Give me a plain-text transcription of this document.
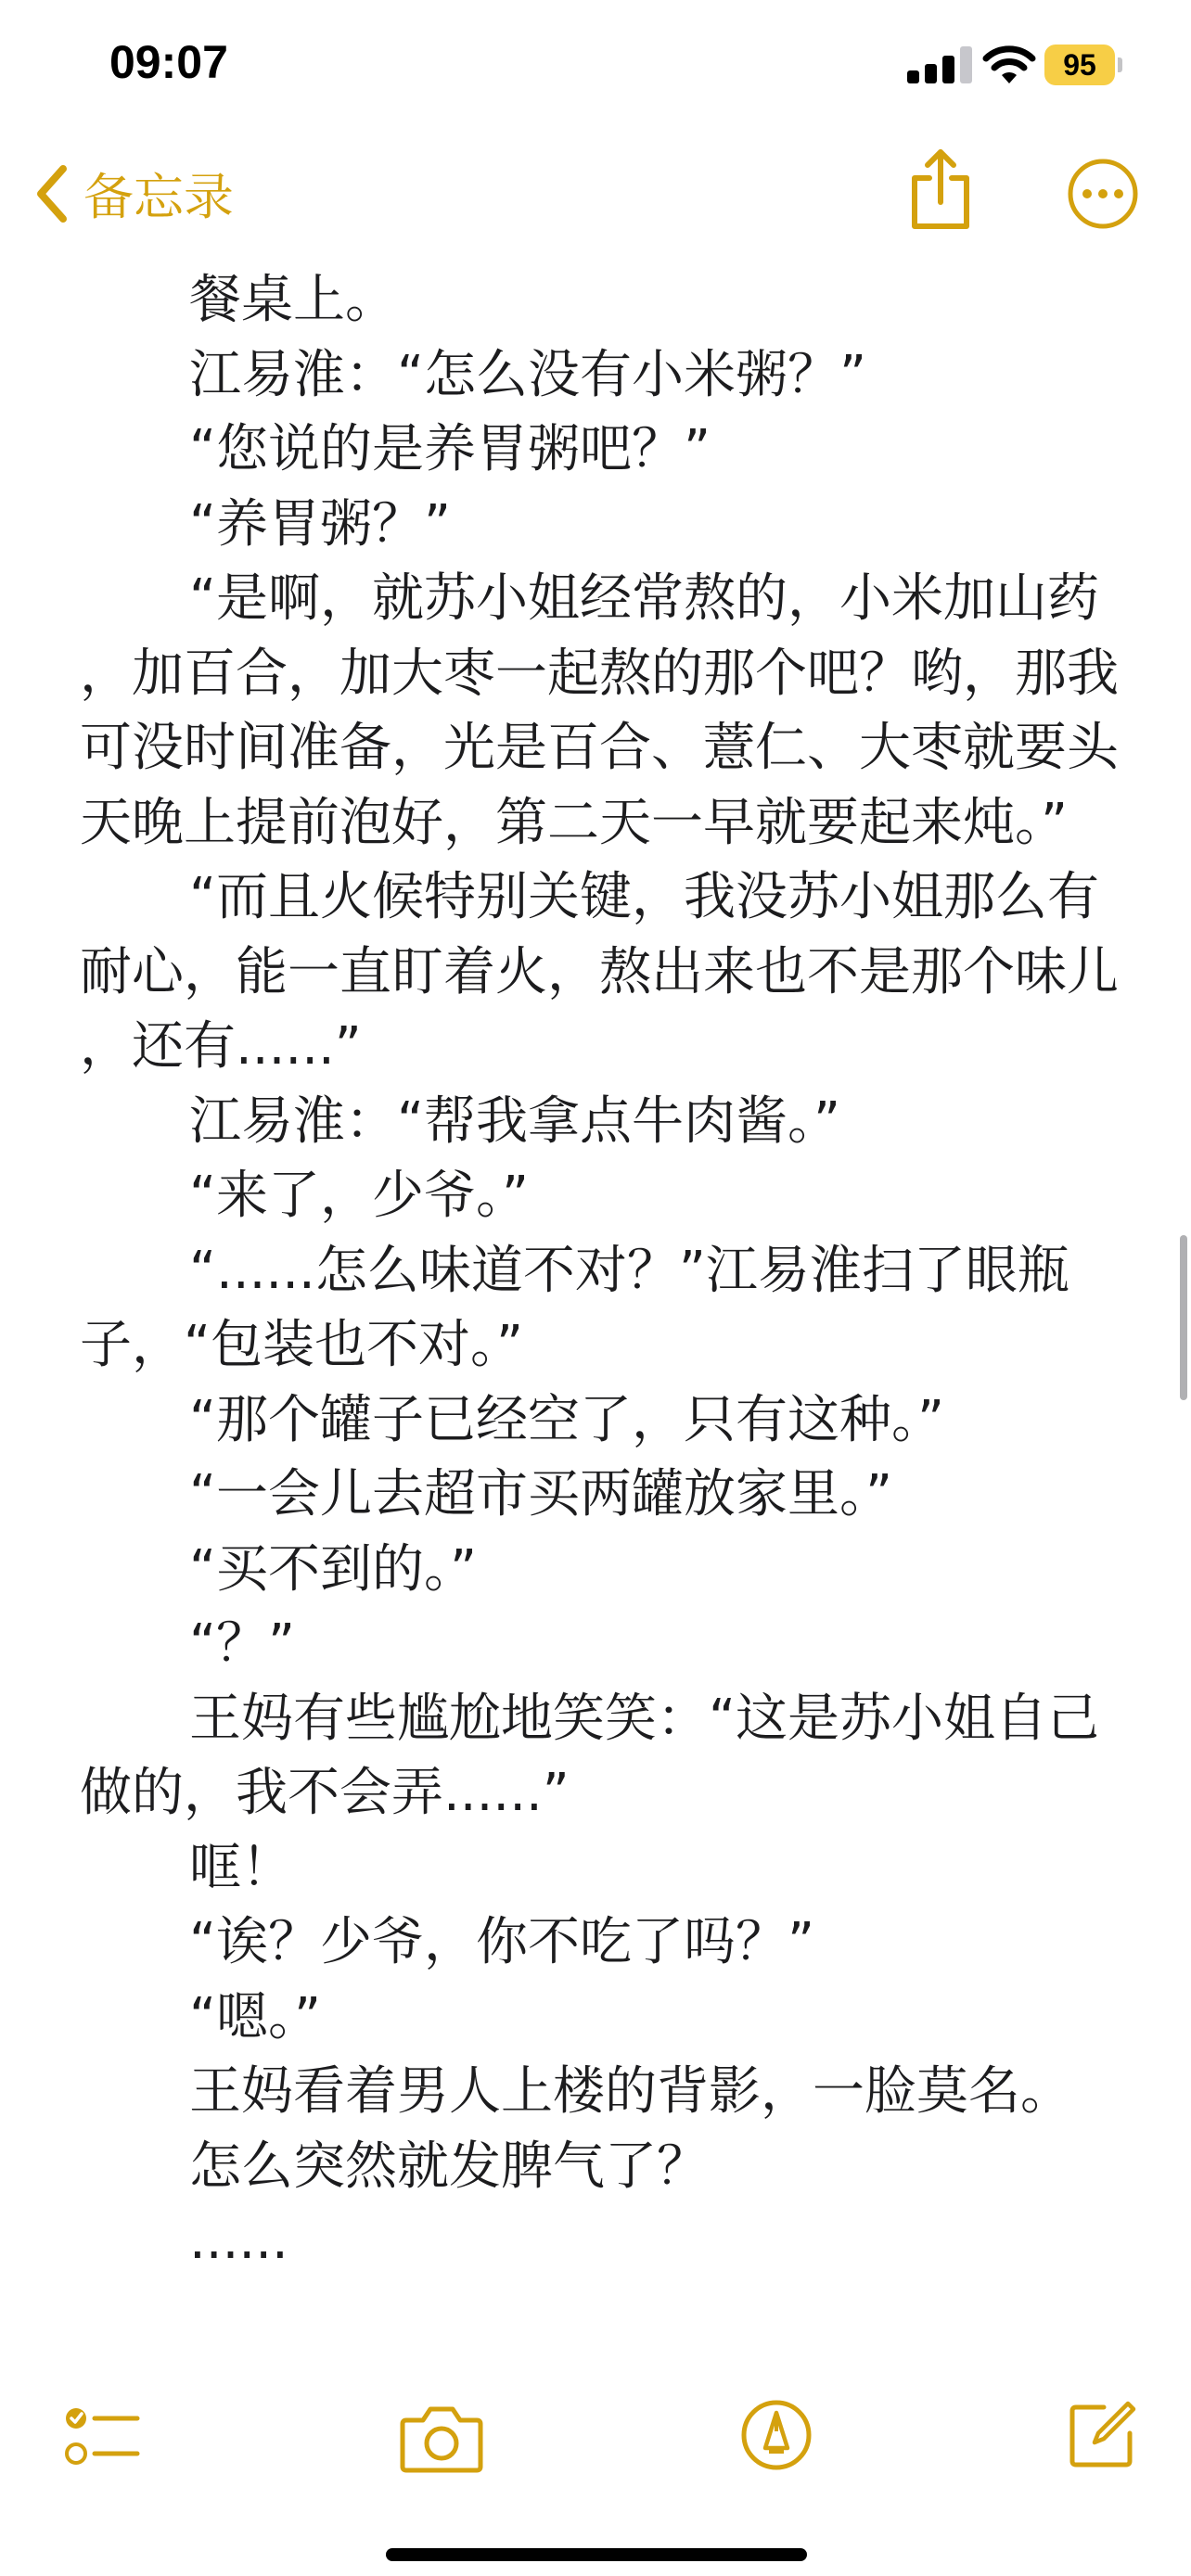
09:07	95
备忘录

餐桌上。

江易淮：“怎么没有小米粥？”

“您说的是养胃粥吧？”

“养胃粥？”

“是啊，就苏小姐经常熬的，小米加山药，加百合，加大枣一起熬的那个吧？哟，那我可没时间准备，光是百合、薏仁、大枣就要头天晚上提前泡好，第二天一早就要起来炖。”

“而且火候特别关键，我没苏小姐那么有耐心，能一直盯着火，熬出来也不是那个味儿，还有......”

江易淮：“帮我拿点牛肉酱。”

“来了，少爷。”

“......怎么味道不对？”江易淮扫了眼瓶子，“包装也不对。”

“那个罐子已经空了，只有这种。”

“一会儿去超市买两罐放家里。”

“买不到的。”

“？”

王妈有些尴尬地笑笑：“这是苏小姐自己做的，我不会弄......”

哐！

“诶？少爷，你不吃了吗？”

“嗯。”

王妈看着男人上楼的背影，一脸莫名。

怎么突然就发脾气了？

......
